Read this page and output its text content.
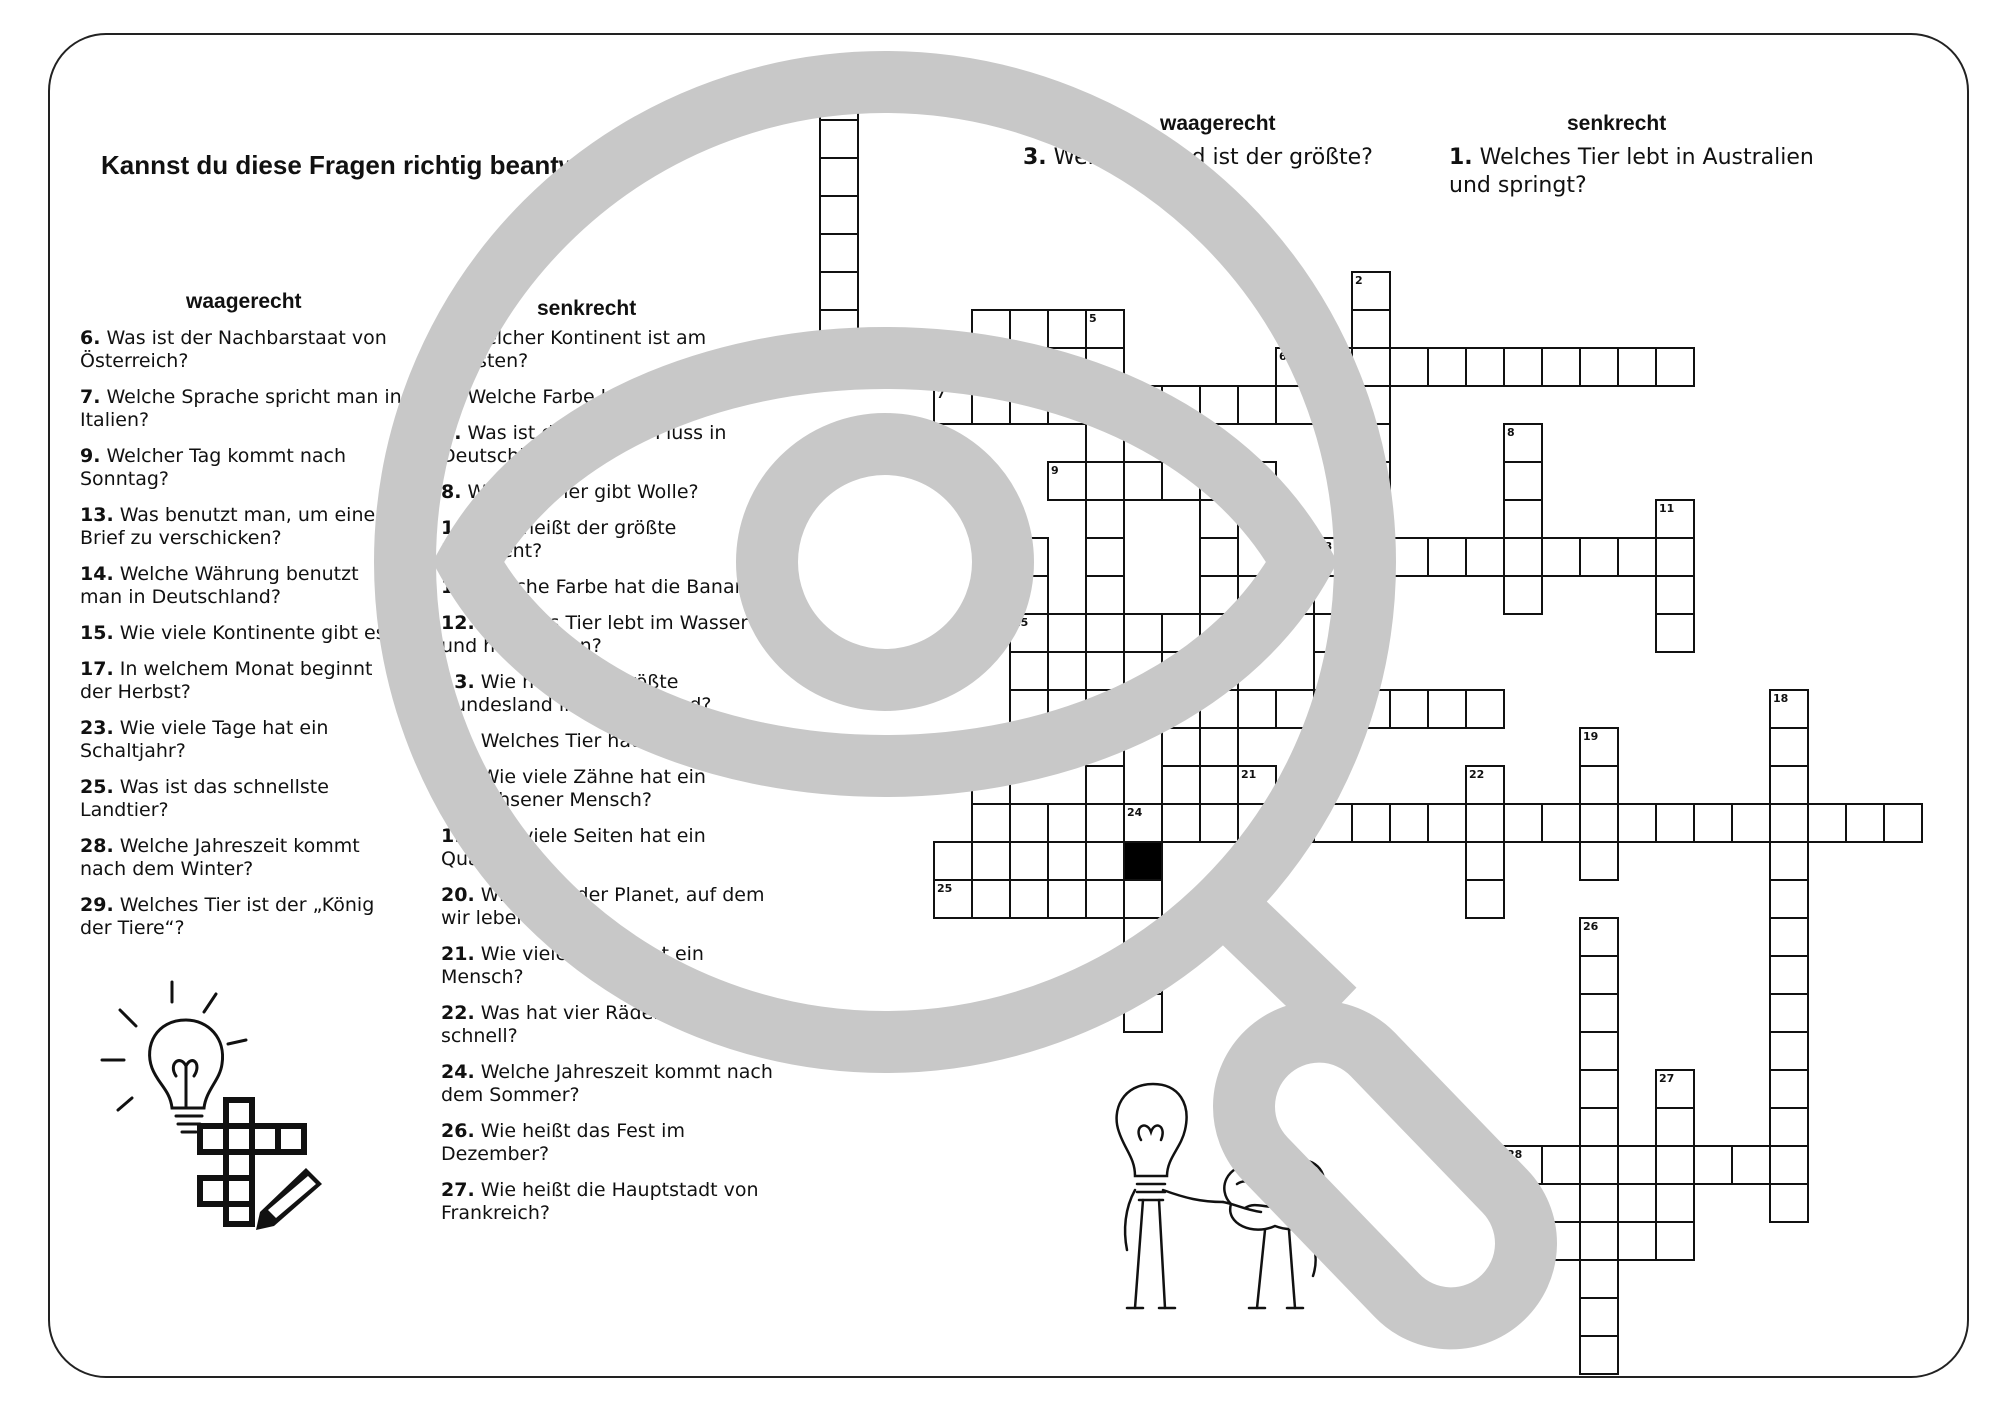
Kannst du diese Fragen richtig beantworten?
waagerecht	senkrecht
3. Welches Land ist der größte?	1. Welches Tier lebt in Australien und springt?
waagerecht	senkrecht
6. Was ist der Nachbarstaat von Österreich?
7. Welche Sprache spricht man in Italien?
9. Welcher Tag kommt nach Sonntag?
13. Was benutzt man, um einen Brief zu verschicken?
14. Welche Währung benutzt man in Deutschland?
15. Wie viele Kontinente gibt es?
17. In welchem Monat beginnt der Herbst?
23. Wie viele Tage hat ein Schaltjahr?
25. Was ist das schnellste Landtier?
28. Welche Jahreszeit kommt nach dem Winter?
29. Welches Tier ist der „König der Tiere“?
2. Welcher Kontinent ist am ältesten?
4. Welche Farbe hat Gras?
5. Was ist der längste Fluss in Deutschland?
8. Welches Tier gibt Wolle?
10. Wie heißt der größte Kontinent?
11. Welche Farbe hat die Banane?
12. Welches Tier lebt im Wasser und hat Flossen?
13. Wie heißt das größte Bundesland in Deutschland?
16. Welches Tier hat einen Rüssel?
18. Wie viele Zähne hat ein erwachsener Mensch?
19. Wie viele Seiten hat ein Quadrat?
20. Wie heißt der Planet, auf dem wir leben?
21. Wie viele Finger hat ein Mensch?
22. Was hat vier Räder und fährt schnell?
24. Welche Jahreszeit kommt nach dem Sommer?
26. Wie heißt das Fest im Dezember?
27. Wie heißt die Hauptstadt von Frankreich?
1
2
5
6
7
8
9	10
11
12	13
15
18
19
21	22
24
25
26
27
28
29
